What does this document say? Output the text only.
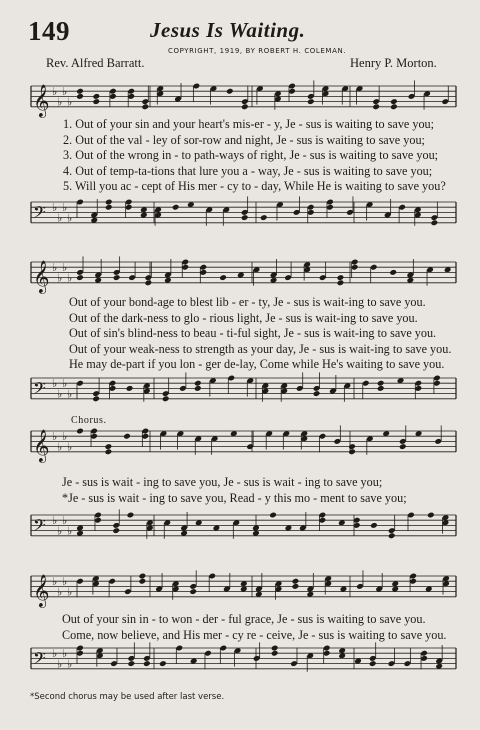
149	Jesus Is Waiting.
COPYRIGHT, 1919, BY ROBERT H. COLEMAN.
Rev. Alfred Barratt.	Henry P. Morton.
𝄞 ♭
♭
♭
♭
𝄢 ♭
♭
♭
♭
𝄞 ♭
♭
♭
♭
𝄢 ♭
♭
♭
♭
𝄞 ♭
♭
♭
♭
𝄢 ♭
♭
♭
♭
𝄞 ♭
♭
♭
♭
𝄢 ♭
♭
♭
♭
1. Out of your sin and your heart's mis-er - y, Je - sus is waiting to save you;
2. Out of the val - ley of sor-row and night, Je - sus is waiting to save you;
3. Out of the wrong in - to path-ways of right, Je - sus is waiting to save you;
4. Out of temp-ta-tions that lure you a - way, Je - sus is waiting to save you;
5. Will you ac - cept of His mer - cy to - day, While He is waiting to save you?
Out of your bond-age to blest lib - er - ty, Je - sus is wait-ing to save you.
Out of the dark-ness to glo - rious light, Je - sus is wait-ing to save you.
Out of sin's blind-ness to beau - ti-ful sight, Je - sus is wait-ing to save you.
Out of your weak-ness to strength as your day, Je - sus is wait-ing to save you.
He may de-part if you lon - ger de-lay, Come while He's waiting to save you.
Chorus.
Je - sus is wait - ing to save you, Je - sus is wait - ing to save you;
*Je - sus is wait - ing to save you, Read - y this mo - ment to save you;
Out of your sin in - to won - der - ful grace, Je - sus is waiting to save you.
Come, now believe, and His mer - cy re - ceive, Je - sus is waiting to save you.
*Second chorus may be used after last verse.
